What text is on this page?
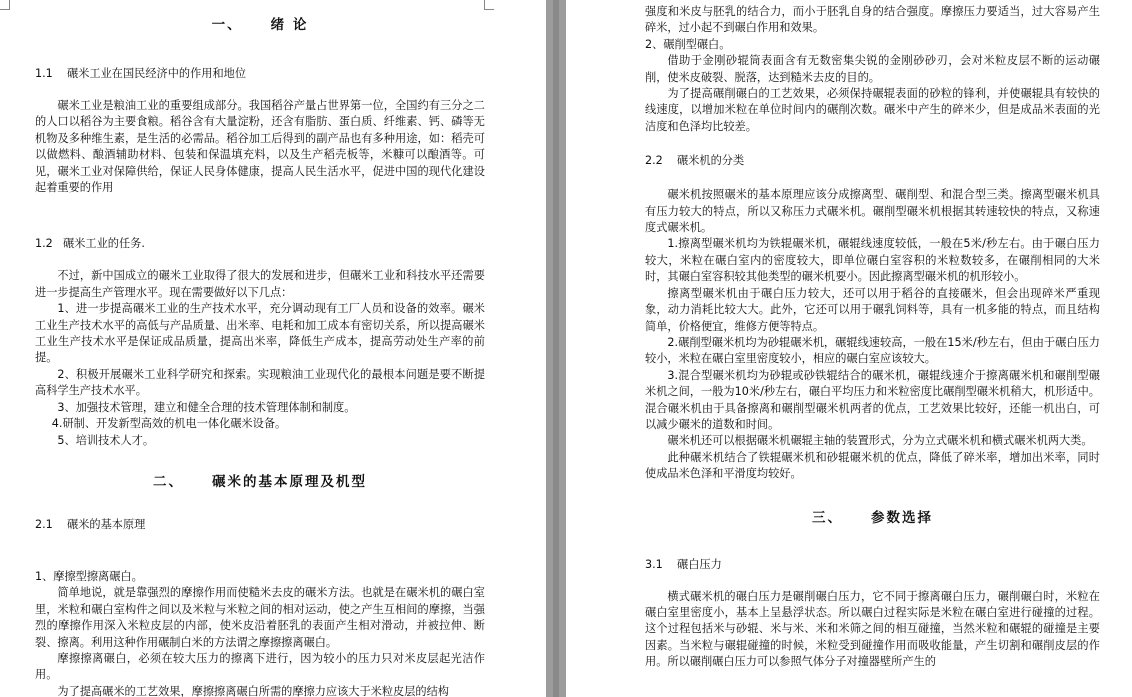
一、 绪 论
1.1 碾米工业在国民经济中的作用和地位

碾米工业是粮油工业的重要组成部分。我国稻谷产量占世界第一位，全国约有三分之二的人口以稻谷为主要食粮。稻谷含有大量淀粉，还含有脂肪、蛋白质、纤维素、钙、磷等无机物及多种维生素，是生活的必需品。稻谷加工后得到的副产品也有多种用途，如：稻壳可以做燃料、酿酒辅助材料、包装和保温填充料，以及生产稻壳板等，米糠可以酿酒等。可见，碾米工业对保障供给，保证人民身体健康，提高人民生活水平，促进中国的现代化建设起着重要的作用

1.2 碾米工业的任务.

不过，新中国成立的碾米工业取得了很大的发展和进步，但碾米工业和科技水平还需要进一步提高生产管理水平。现在需要做好以下几点：

1、进一步提高碾米工业的生产技术水平，充分调动现有工厂人员和设备的效率。碾米工业生产技术水平的高低与产品质量、出米率、电耗和加工成本有密切关系，所以提高碾米工业生产技术水平是保证成品质量，提高出米率，降低生产成本，提高劳动处生产率的前提。

2、积极开展碾米工业科学研究和探索。实现粮油工业现代化的最根本问题是要不断提高科学生产技术水平。

3、加强技术管理，建立和健全合理的技术管理体制和制度。

4.研制、开发新型高效的机电一体化碾米设备。

5、培训技术人才。

二、 碾米的基本原理及机型
2.1 碾米的基本原理

1、摩擦型擦离碾白。

简单地说，就是靠强烈的摩擦作用而使糙米去皮的碾米方法。也就是在碾米机的碾白室里，米粒和碾白室构件之间以及米粒与米粒之间的相对运动，使之产生互相间的摩擦，当强烈的摩擦作用深入米粒皮层的内部，使米皮沿着胚乳的表面产生相对滑动，并被拉伸、断裂、擦离。利用这种作用碾制白米的方法谓之摩擦擦离碾白。

摩擦擦离碾白，必须在较大压力的擦离下进行，因为较小的压力只对米皮层起光洁作用。

为了提高碾米的工艺效果，摩擦擦离碾白所需的摩擦力应该大于米粒皮层的结构

强度和米皮与胚乳的结合力，而小于胚乳自身的结合强度。摩擦压力要适当，过大容易产生碎米，过小起不到碾白作用和效果。

2、碾削型碾白。

借助于金刚砂辊筒表面含有无数密集尖锐的金刚砂砂刃，会对米粒皮层不断的运动碾削，使米皮破裂、脱落，达到糙米去皮的目的。

为了提高碾削碾白的工艺效果，必须保持碾辊表面的砂粒的锋利，并使碾辊具有较快的线速度，以增加米粒在单位时间内的碾削次数。碾米中产生的碎米少，但是成品米表面的光洁度和色泽均比较差。

2.2 碾米机的分类

碾米机按照碾米的基本原理应该分成擦离型、碾削型、和混合型三类。擦离型碾米机具有压力较大的特点，所以又称压力式碾米机。碾削型碾米机根据其转速较快的特点，又称速度式碾米机。

1.擦离型碾米机均为铁辊碾米机，碾辊线速度较低，一般在5米/秒左右。由于碾白压力较大，米粒在碾白室内的密度较大，即单位碾白室容积的米粒数较多，在碾削相同的大米时，其碾白室容积较其他类型的碾米机要小。因此擦离型碾米机的机形较小。

擦离型碾米机由于碾白压力较大，还可以用于稻谷的直接碾米，但会出现碎米严重现象，动力消耗比较大大。此外，它还可以用于碾乳饲料等，具有一机多能的特点，而且结构简单，价格便宜，维修方便等特点。

2.碾削型碾米机均为砂辊碾米机，碾辊线速较高，一般在15米/秒左右，但由于碾白压力较小，米粒在碾白室里密度较小，相应的碾白室应该较大。

3.混合型碾米机均为砂辊或砂铁辊结合的碾米机，碾辊线速介于擦离碾米机和碾削型碾米机之间，一般为10米/秒左右，碾白平均压力和米粒密度比碾削型碾米机稍大，机形适中。混合碾米机由于具备擦离和碾削型碾米机两者的优点，工艺效果比较好，还能一机出白，可以减少碾米的道数和时间。

碾米机还可以根据碾米机碾辊主轴的装置形式，分为立式碾米机和横式碾米机两大类。

此种碾米机结合了铁辊碾米机和砂辊碾米机的优点，降低了碎米率，增加出米率，同时使成品米色泽和平滑度均较好。

三、 参数选择
3.1 碾白压力

横式碾米机的碾白压力是碾削碾白压力，它不同于擦离碾白压力，碾削碾白时，米粒在碾白室里密度小，基本上呈悬浮状态。所以碾白过程实际是米粒在碾白室进行碰撞的过程。这个过程包括米与砂辊、米与米、米和米筛之间的相互碰撞，当然米粒和碾辊的碰撞是主要因素。当米粒与碾辊碰撞的时候，米粒受到碰撞作用而吸收能量，产生切割和碾削皮层的作用。所以碾削碾白压力可以参照气体分子对撞器壁所产生的
